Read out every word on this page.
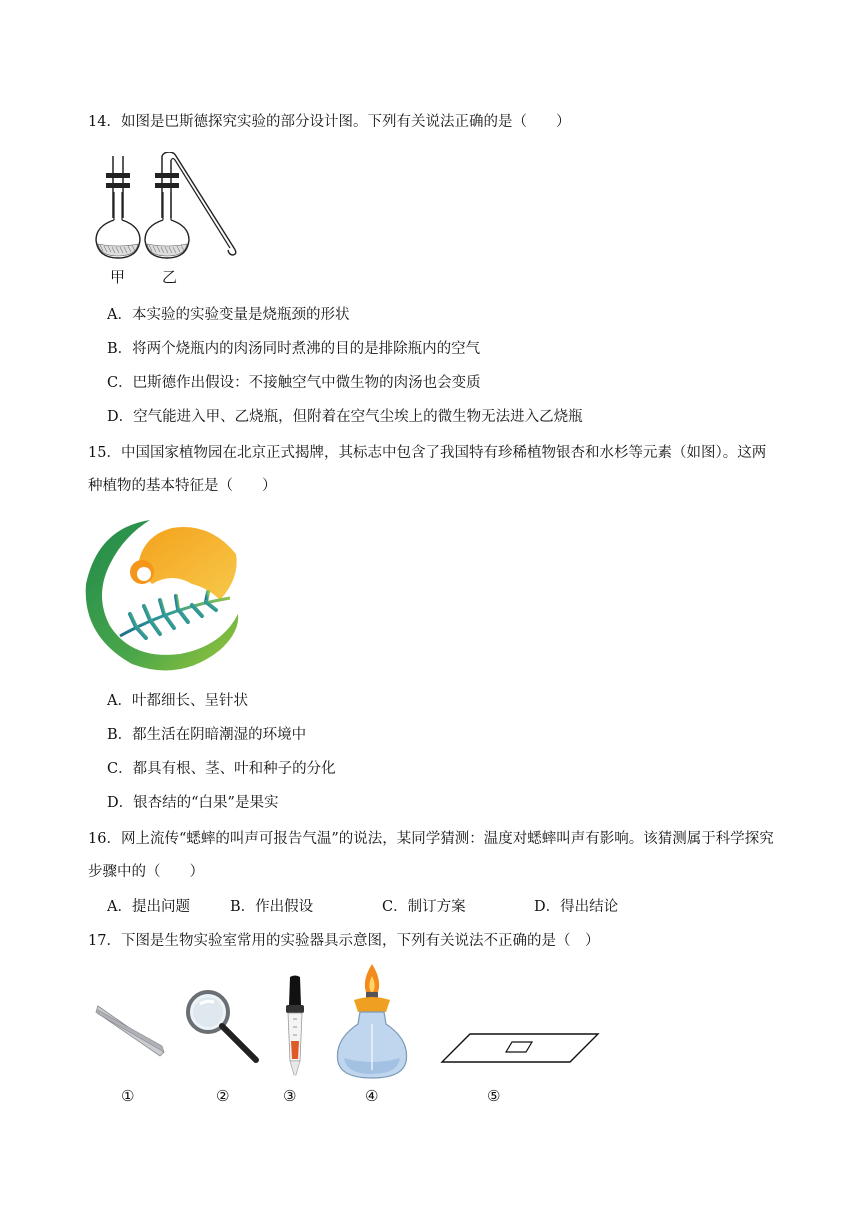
14．如图是巴斯德探究实验的部分设计图。下列有关说法正确的是（　　）
甲 乙
A．本实验的实验变量是烧瓶颈的形状
B．将两个烧瓶内的肉汤同时煮沸的目的是排除瓶内的空气
C．巴斯德作出假设：不接触空气中微生物的肉汤也会变质
D．空气能进入甲、乙烧瓶，但附着在空气尘埃上的微生物无法进入乙烧瓶
15．中国国家植物园在北京正式揭牌，其标志中包含了我国特有珍稀植物银杏和水杉等元素（如图）。这两
种植物的基本特征是（　　）
A．叶都细长、呈针状
B．都生活在阴暗潮湿的环境中
C．都具有根、茎、叶和种子的分化
D．银杏结的“白果”是果实
16．网上流传“蟋蟀的叫声可报告气温”的说法，某同学猜测：温度对蟋蟀叫声有影响。该猜测属于科学探究
步骤中的（　　）
A．提出问题	B．作出假设	C．制订方案	D．得出结论
17．下图是生物实验室常用的实验器具示意图，下列有关说法不正确的是（　）
①	②	③	④	⑤
